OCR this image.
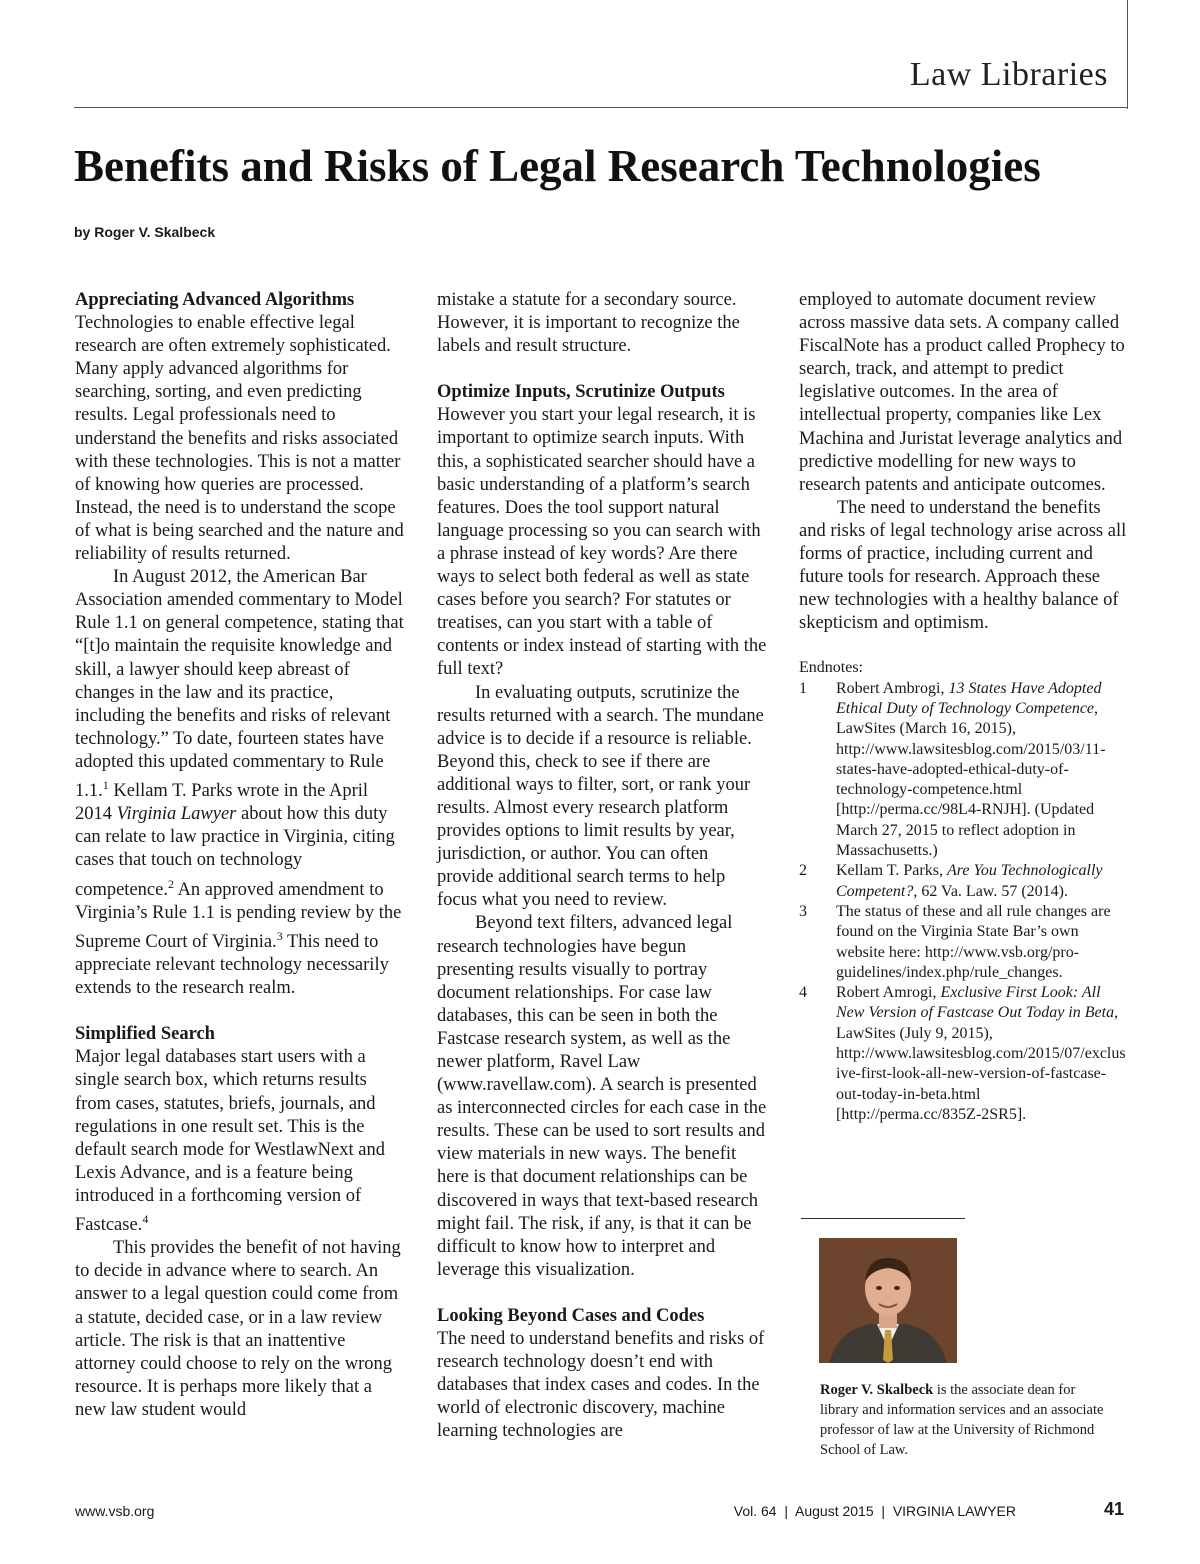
Law Libraries
Benefits and Risks of Legal Research Technologies
by Roger V. Skalbeck
Appreciating Advanced Algorithms

Technologies to enable effective legal research are often extremely sophisticated. Many apply advanced algorithms for searching, sorting, and even predicting results. Legal professionals need to understand the benefits and risks associated with these technologies. This is not a matter of knowing how queries are processed. Instead, the need is to understand the scope of what is being searched and the nature and reliability of results returned.

In August 2012, the American Bar Association amended commentary to Model Rule 1.1 on general competence, stating that “[t]o maintain the requisite knowledge and skill, a lawyer should keep abreast of changes in the law and its practice, including the benefits and risks of relevant technology.” To date, fourteen states have adopted this updated commentary to Rule 1.1.$^1$ Kellam T. Parks wrote in the April 2014 Virginia Lawyer about how this duty can relate to law practice in Virginia, citing cases that touch on technology competence.$^2$ An approved amendment to Virginia’s Rule 1.1 is pending review by the Supreme Court of Virginia.$^3$ This need to appreciate relevant technology necessarily extends to the research realm.

Simplified Search

Major legal databases start users with a single search box, which returns results from cases, statutes, briefs, journals, and regulations in one result set. This is the default search mode for WestlawNext and Lexis Advance, and is a feature being introduced in a forthcoming version of Fastcase.$^4$

This provides the benefit of not having to decide in advance where to search. An answer to a legal question could come from a statute, decided case, or in a law review article. The risk is that an inattentive attorney could choose to rely on the wrong resource. It is perhaps more likely that a new law student would

mistake a statute for a secondary source. However, it is important to recognize the labels and result structure.

Optimize Inputs, Scrutinize Outputs

However you start your legal research, it is important to optimize search inputs. With this, a sophisticated searcher should have a basic understanding of a platform’s search features. Does the tool support natural language processing so you can search with a phrase instead of key words? Are there ways to select both federal as well as state cases before you search? For statutes or treatises, can you start with a table of contents or index instead of starting with the full text?

In evaluating outputs, scrutinize the results returned with a search. The mundane advice is to decide if a resource is reliable. Beyond this, check to see if there are additional ways to filter, sort, or rank your results. Almost every research platform provides options to limit results by year, jurisdiction, or author. You can often provide additional search terms to help focus what you need to review.

Beyond text filters, advanced legal research technologies have begun presenting results visually to portray document relationships. For case law databases, this can be seen in both the Fastcase research system, as well as the newer platform, Ravel Law (www.ravellaw.com). A search is presented as interconnected circles for each case in the results. These can be used to sort results and view materials in new ways. The benefit here is that document relationships can be discovered in ways that text-based research might fail. The risk, if any, is that it can be difficult to know how to interpret and leverage this visualization.

Looking Beyond Cases and Codes

The need to understand benefits and risks of research technology doesn’t end with databases that index cases and codes. In the world of electronic discovery, machine learning technologies are

employed to automate document review across massive data sets. A company called FiscalNote has a product called Prophecy to search, track, and attempt to predict legislative outcomes. In the area of intellectual property, companies like Lex Machina and Juristat leverage analytics and predictive modelling for new ways to research patents and anticipate outcomes.

The need to understand the benefits and risks of legal technology arise across all forms of practice, including current and future tools for research. Approach these new technologies with a healthy balance of skepticism and optimism.

Endnotes:
1	Robert Ambrogi, 13 States Have Adopted Ethical Duty of Technology Competence, LawSites (March 16, 2015), http://www.lawsitesblog.com/2015/03/11-states-have-adopted-ethical-duty-of-technology-competence.html [http://perma.cc/98L4-RNJH]. (Updated March 27, 2015 to reflect adoption in Massachusetts.)
2	Kellam T. Parks, Are You Technologically Competent?, 62 Va. Law. 57 (2014).
3	The status of these and all rule changes are found on the Virginia State Bar’s own website here: http://www.vsb.org/pro-guidelines/index.php/rule_changes.
4	Robert Amrogi, Exclusive First Look: All New Version of Fastcase Out Today in Beta, LawSites (July 9, 2015), http://www.lawsitesblog.com/2015/07/exclusive-first-look-all-new-version-of-fastcase-out-today-in-beta.html [http://perma.cc/835Z-2SR5].
Roger V. Skalbeck is the associate dean for library and information services and an associate professor of law at the University of Richmond School of Law.
www.vsb.org	Vol. 64  |  August 2015  |  VIRGINIA LAWYER	41
